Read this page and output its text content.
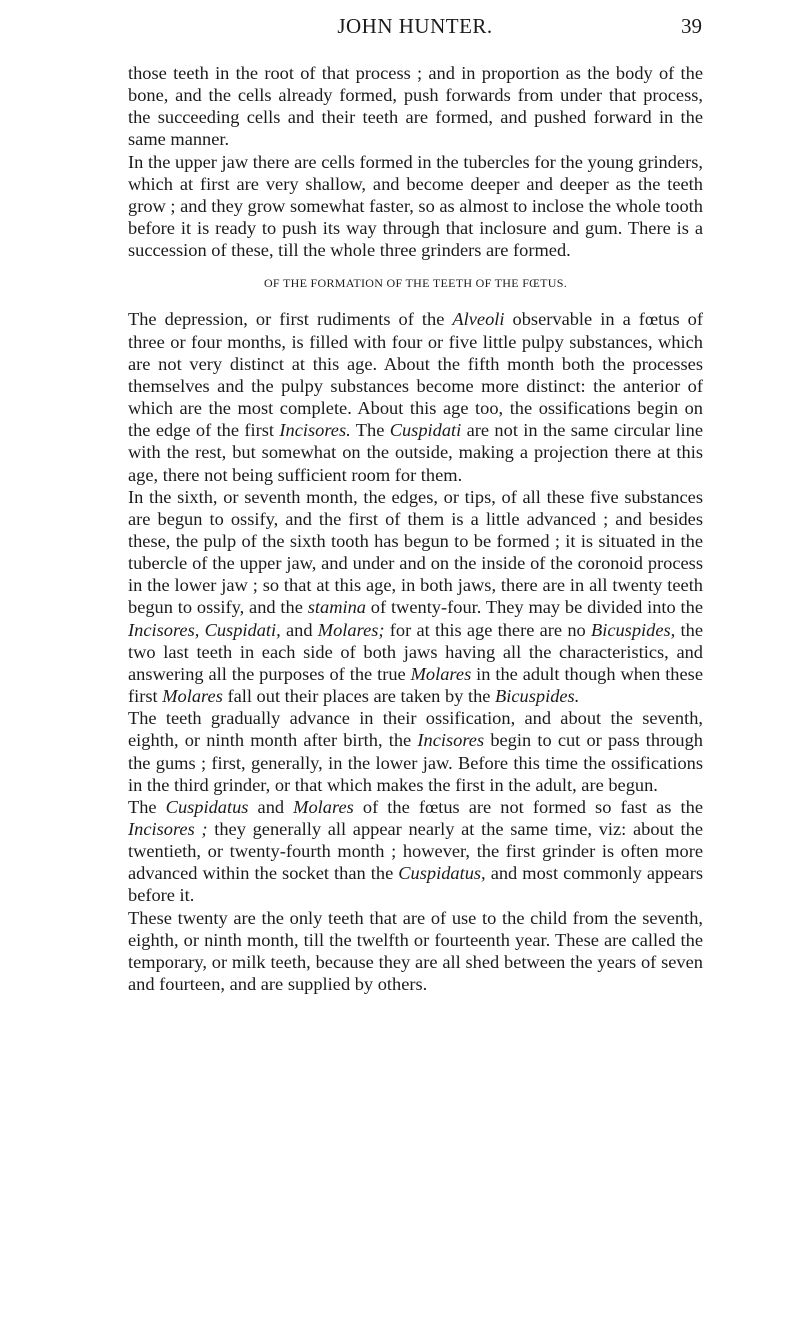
JOHN HUNTER.	39

those teeth in the root of that process ; and in proportion as the body of the bone, and the cells already formed, push forwards from under that process, the succeeding cells and their teeth are formed, and pushed forward in the same manner.

In the upper jaw there are cells formed in the tubercles for the young grinders, which at first are very shallow, and become deeper and deeper as the teeth grow ; and they grow somewhat faster, so as almost to inclose the whole tooth before it is ready to push its way through that inclosure and gum. There is a succession of these, till the whole three grinders are formed.

OF THE FORMATION OF THE TEETH OF THE FŒTUS.

The depression, or first rudiments of the Alveoli observable in a fœtus of three or four months, is filled with four or five little pulpy substances, which are not very distinct at this age. About the fifth month both the processes themselves and the pulpy substances become more distinct: the anterior of which are the most complete. About this age too, the ossifications begin on the edge of the first Incisores. The Cuspidati are not in the same circular line with the rest, but somewhat on the outside, making a projection there at this age, there not being sufficient room for them.

In the sixth, or seventh month, the edges, or tips, of all these five substances are begun to ossify, and the first of them is a little advanced ; and besides these, the pulp of the sixth tooth has begun to be formed ; it is situated in the tubercle of the upper jaw, and under and on the inside of the coronoid process in the lower jaw ; so that at this age, in both jaws, there are in all twenty teeth begun to ossify, and the stamina of twenty-four. They may be divided into the Incisores, Cuspidati, and Molares; for at this age there are no Bicuspides, the two last teeth in each side of both jaws having all the characteristics, and answering all the purposes of the true Molares in the adult though when these first Molares fall out their places are taken by the Bicuspides.

The teeth gradually advance in their ossification, and about the seventh, eighth, or ninth month after birth, the Incisores begin to cut or pass through the gums ; first, generally, in the lower jaw. Before this time the ossifications in the third grinder, or that which makes the first in the adult, are begun.

The Cuspidatus and Molares of the fœtus are not formed so fast as the Incisores ; they generally all appear nearly at the same time, viz: about the twentieth, or twenty-fourth month ; however, the first grinder is often more advanced within the socket than the Cuspidatus, and most commonly appears before it.

These twenty are the only teeth that are of use to the child from the seventh, eighth, or ninth month, till the twelfth or fourteenth year. These are called the temporary, or milk teeth, because they are all shed between the years of seven and fourteen, and are supplied by others.
